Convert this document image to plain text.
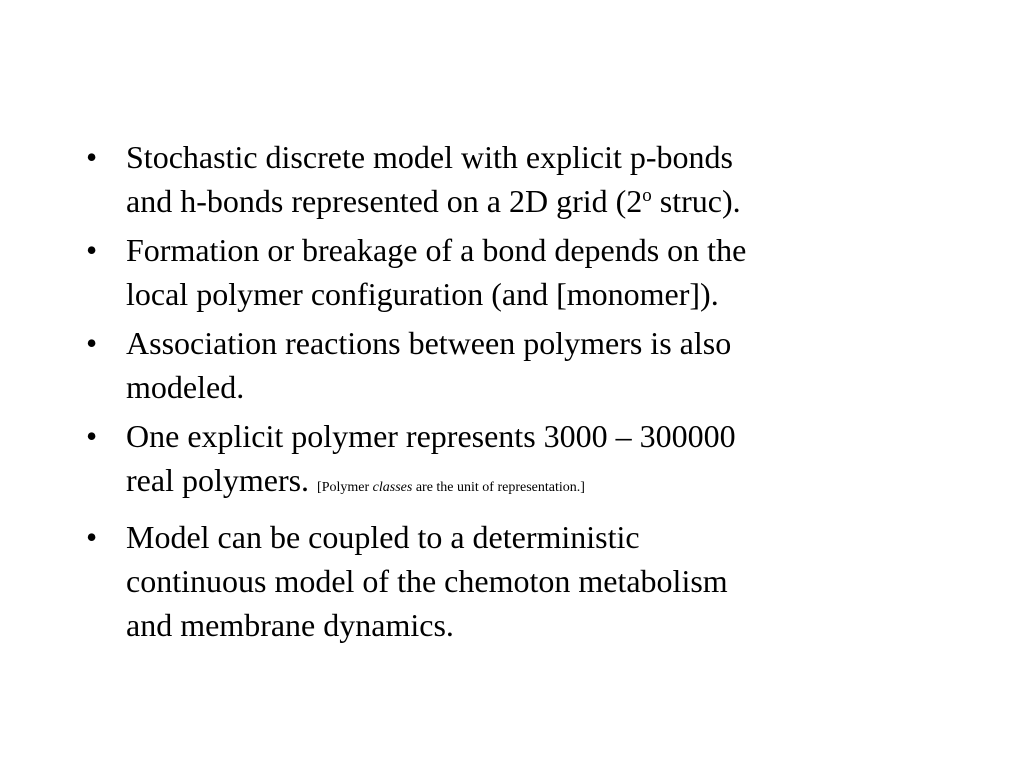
• Stochastic discrete model with explicit p-bonds
and h-bonds represented on a 2D grid (2$^o$ struc).
• Formation or breakage of a bond depends on the
local polymer configuration (and [monomer]).
• Association reactions between polymers is also
modeled.
• One explicit polymer represents 3000 – 300000
real polymers. [Polymer classes are the unit of representation.]
• Model can be coupled to a deterministic
continuous model of the chemoton metabolism
and membrane dynamics.
